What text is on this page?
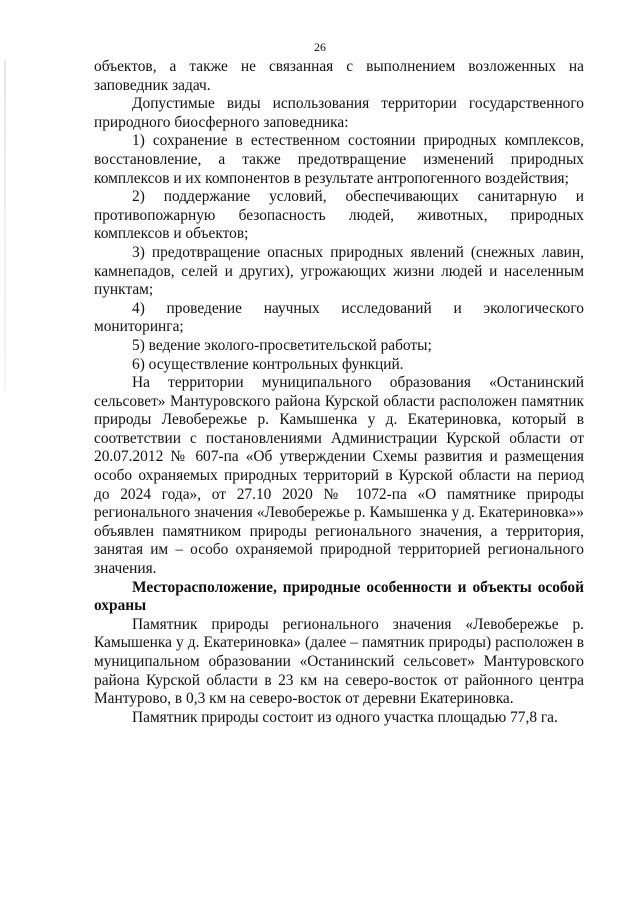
26

объектов, а также не связанная с выполнением возложенных на заповедник задач.

Допустимые виды использования территории государственного природного биосферного заповедника:

1) сохранение в естественном состоянии природных комплексов, восстановление, а также предотвращение изменений природных комплексов и их компонентов в результате антропогенного воздействия;

2) поддержание условий, обеспечивающих санитарную и противопожарную безопасность людей, животных, природных комплексов и объектов;

3) предотвращение опасных природных явлений (снежных лавин, камнепадов, селей и других), угрожающих жизни людей и населенным пунктам;

4) проведение научных исследований и экологического мониторинга;

5) ведение эколого-просветительской работы;

6) осуществление контрольных функций.

На территории муниципального образования «Останинский сельсовет» Мантуровского района Курской области расположен памятник природы Левобережье р. Камышенка у д. Екатериновка, который в соответствии с постановлениями Администрации Курской области от 20.07.2012 № 607-па «Об утверждении Схемы развития и размещения особо охраняемых природных территорий в Курской области на период до 2024 года», от 27.10 2020 № 1072-па «О памятнике природы регионального значения «Левобережье р. Камышенка у д. Екатериновка»» объявлен памятником природы регионального значения, а территория, занятая им – особо охраняемой природной территорией регионального значения.

Месторасположение, природные особенности и объекты особой охраны

Памятник природы регионального значения «Левобережье р. Камышенка у д. Екатериновка» (далее – памятник природы) расположен в муниципальном образовании «Останинский сельсовет» Мантуровского района Курской области в 23 км на северо-восток от районного центра Мантурово, в 0,3 км на северо-восток от деревни Екатериновка.

Памятник природы состоит из одного участка площадью 77,8 га.
